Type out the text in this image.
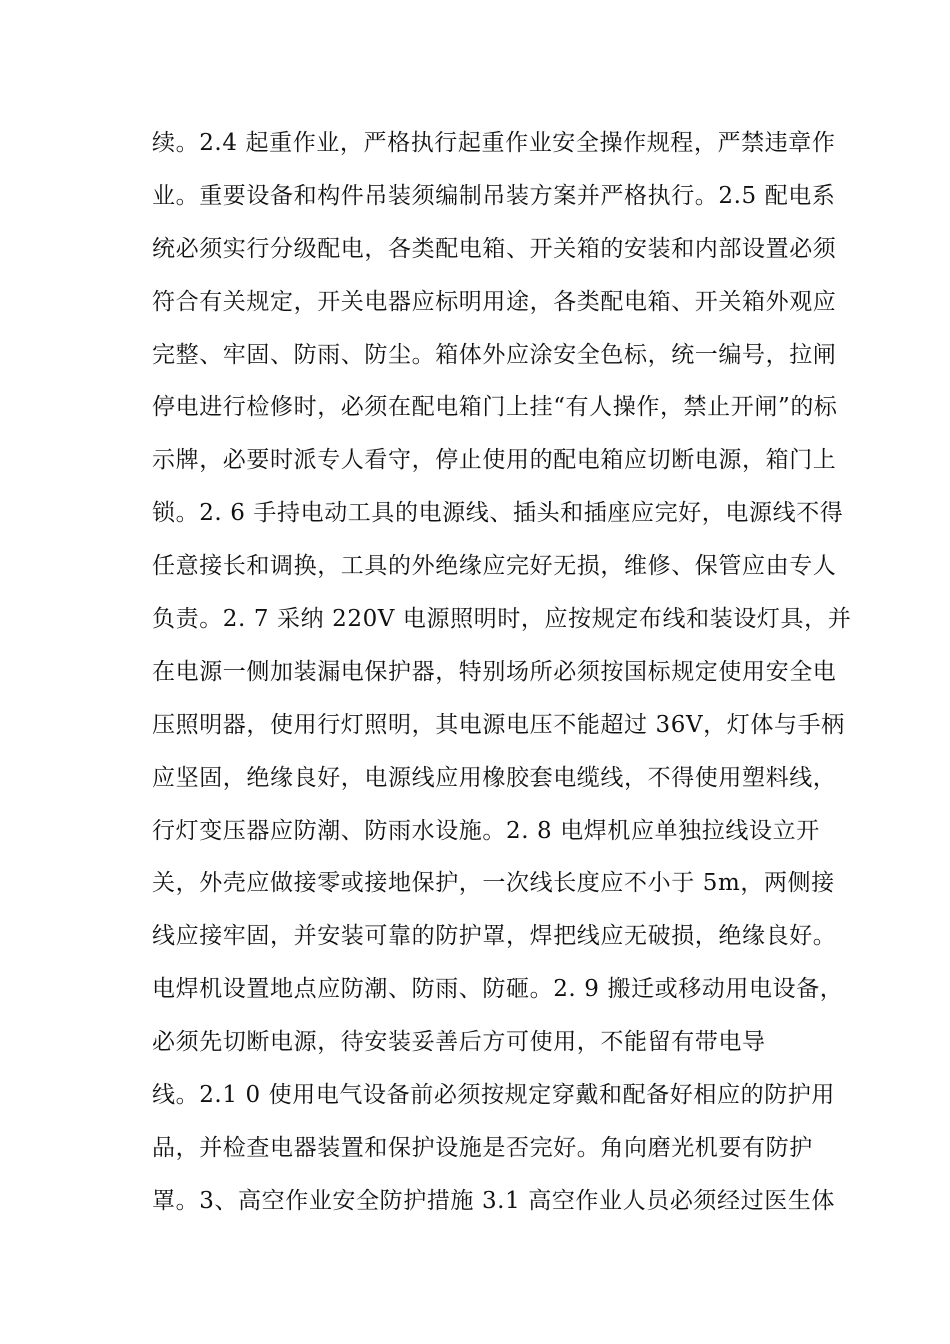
续。2.4 起重作业，严格执行起重作业安全操作规程，严禁违章作
业。重要设备和构件吊装须编制吊装方案并严格执行。2.5 配电系
统必须实行分级配电，各类配电箱、开关箱的安装和内部设置必须
符合有关规定，开关电器应标明用途，各类配电箱、开关箱外观应
完整、牢固、防雨、防尘。箱体外应涂安全色标，统一编号，拉闸
停电进行检修时，必须在配电箱门上挂“有人操作，禁止开闸”的标
示牌，必要时派专人看守，停止使用的配电箱应切断电源，箱门上
锁。2. 6 手持电动工具的电源线、插头和插座应完好，电源线不得
任意接长和调换，工具的外绝缘应完好无损，维修、保管应由专人
负责。2. 7 采纳 220V 电源照明时，应按规定布线和装设灯具，并
在电源一侧加装漏电保护器，特别场所必须按国标规定使用安全电
压照明器，使用行灯照明，其电源电压不能超过 36V，灯体与手柄
应坚固，绝缘良好，电源线应用橡胶套电缆线，不得使用塑料线，
行灯变压器应防潮、防雨水设施。2. 8 电焊机应单独拉线设立开
关，外壳应做接零或接地保护，一次线长度应不小于 5m，两侧接
线应接牢固，并安装可靠的防护罩，焊把线应无破损，绝缘良好。
电焊机设置地点应防潮、防雨、防砸。2. 9 搬迁或移动用电设备，
必须先切断电源，待安装妥善后方可使用，不能留有带电导
线。2.1 0 使用电气设备前必须按规定穿戴和配备好相应的防护用
品，并检查电器装置和保护设施是否完好。角向磨光机要有防护
罩。3、高空作业安全防护措施 3.1 高空作业人员必须经过医生体
